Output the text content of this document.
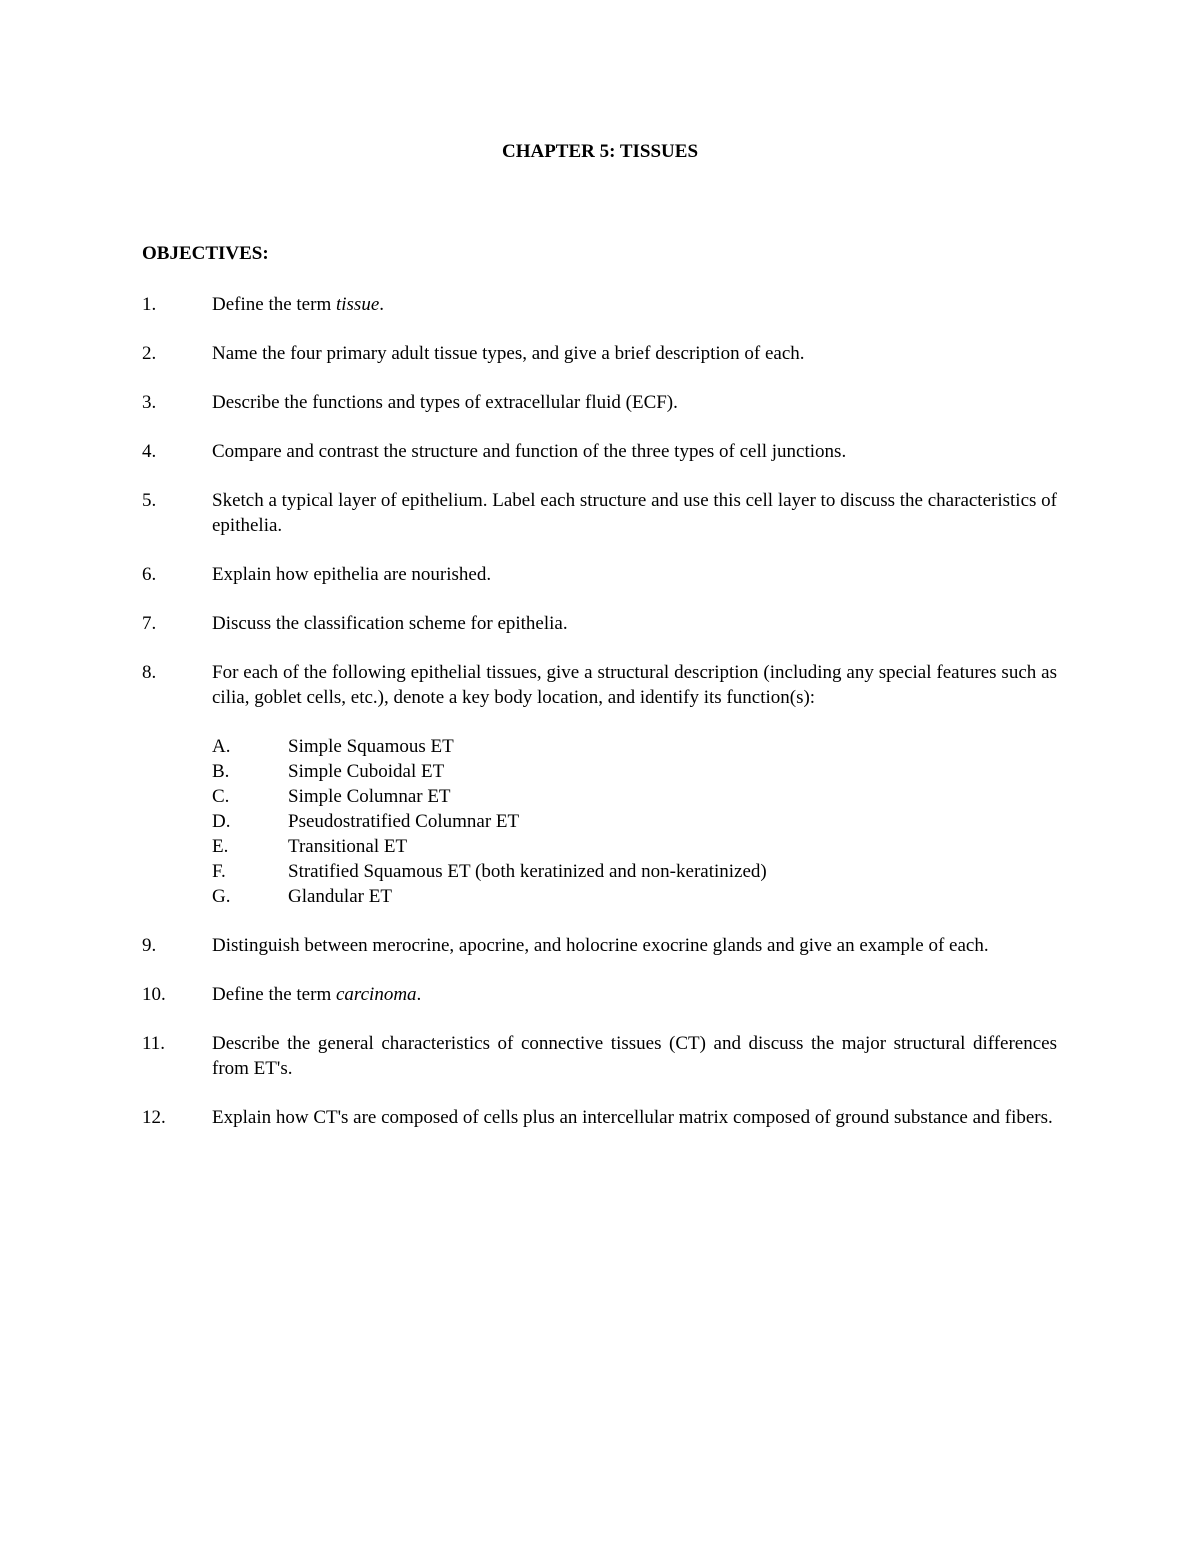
CHAPTER 5: TISSUES
OBJECTIVES:
1.	Define the term tissue.
2.	Name the four primary adult tissue types, and give a brief description of each.
3.	Describe the functions and types of extracellular fluid (ECF).
4.	Compare and contrast the structure and function of the three types of cell junctions.
5.	Sketch a typical layer of epithelium. Label each structure and use this cell layer to discuss the characteristics of epithelia.
6.	Explain how epithelia are nourished.
7.	Discuss the classification scheme for epithelia.
8.	For each of the following epithelial tissues, give a structural description (including any special features such as cilia, goblet cells, etc.), denote a key body location, and identify its function(s):
A.	Simple Squamous ET
B.	Simple Cuboidal ET
C.	Simple Columnar ET
D.	Pseudostratified Columnar ET
E.	Transitional ET
F.	Stratified Squamous ET (both keratinized and non-keratinized)
G.	Glandular ET
9.	Distinguish between merocrine, apocrine, and holocrine exocrine glands and give an example of each.
10.	Define the term carcinoma.
11.	Describe the general characteristics of connective tissues (CT) and discuss the major structural differences from ET's.
12.	Explain how CT's are composed of cells plus an intercellular matrix composed of ground substance and fibers.
